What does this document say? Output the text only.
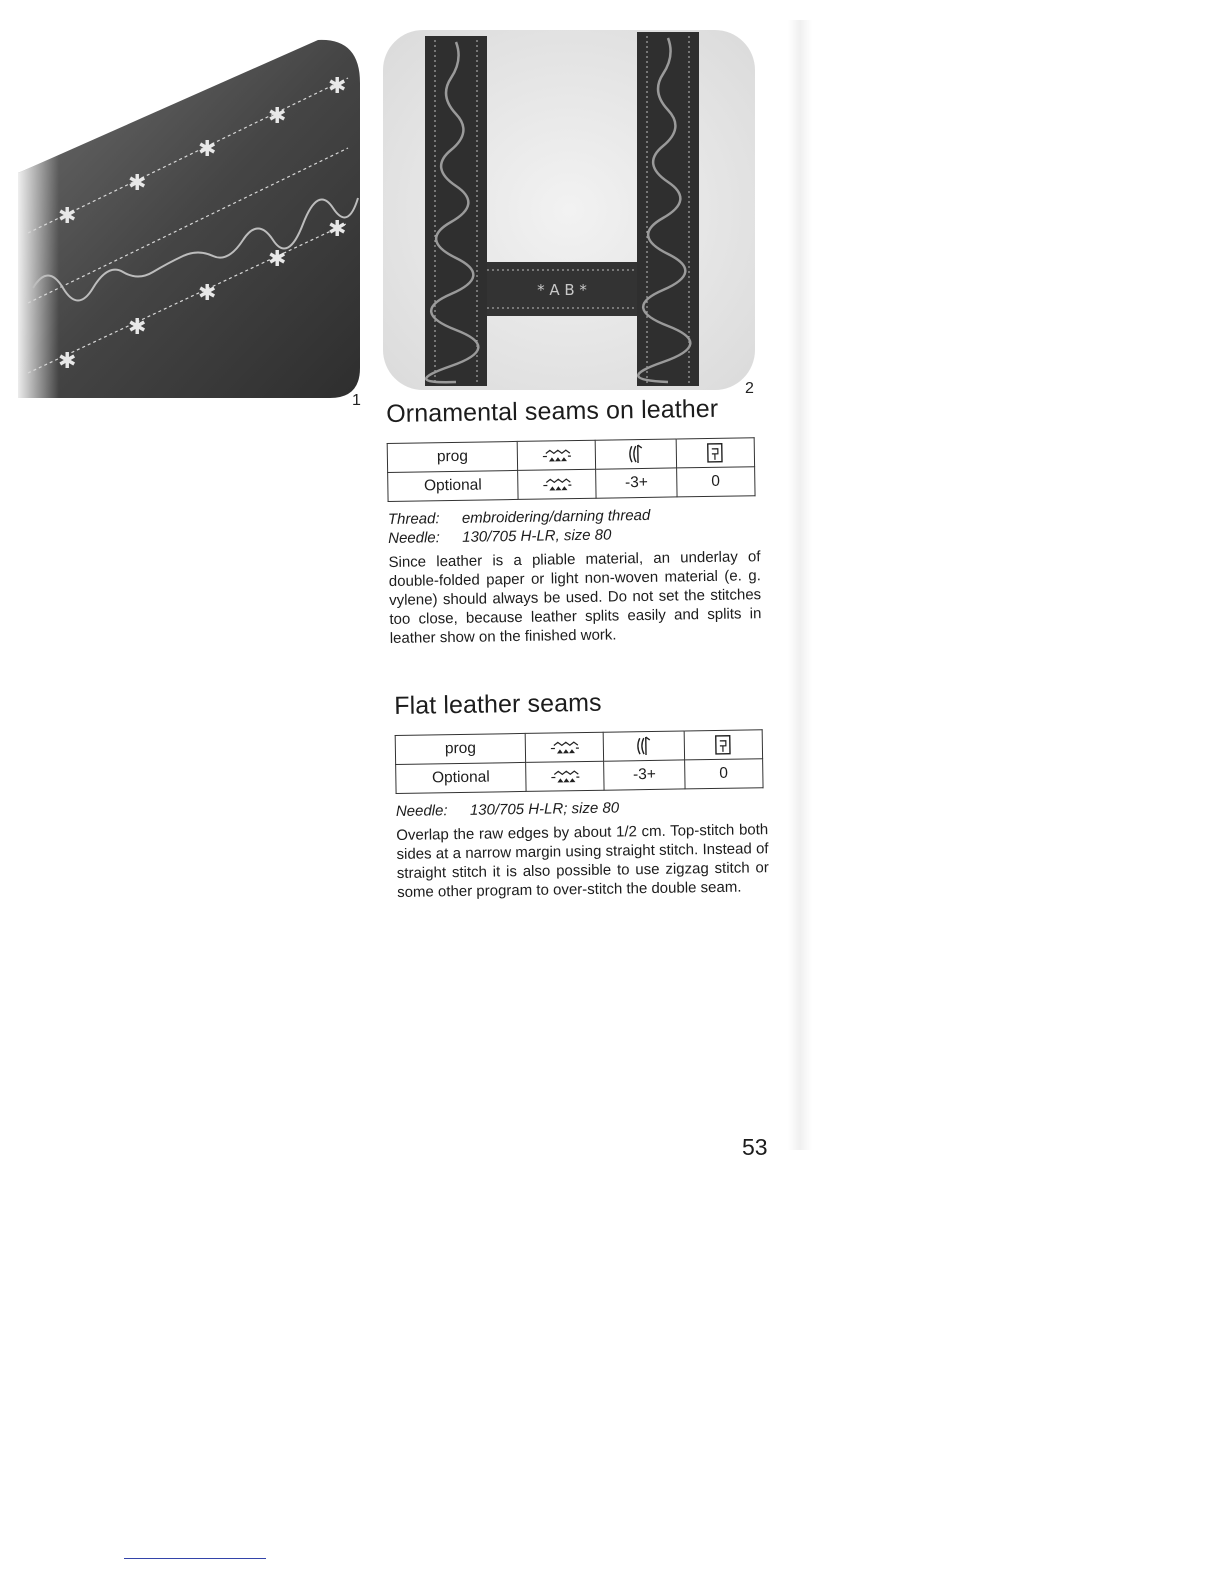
✱
✱
✱
✱
✱
✱
✱
✱
✱
✱
1
* A B *
2
Ornamental seams on leather
prog			
Optional		-3+	0
Thread: embroidering/darning thread
Needle: 130/705 H-LR, size 80

Since leather is a pliable material, an underlay of double-folded paper or light non-woven material (e. g. vylene) should always be used. Do not set the stitches too close, because leather splits easily and splits in leather show on the finished work.

Flat leather seams
prog			
Optional		-3+	0
Needle: 130/705 H-LR; size 80

Overlap the raw edges by about 1/2 cm. Top-stitch both sides at a narrow margin using straight stitch. Instead of straight stitch it is also possible to use zigzag stitch or some other program to over-stitch the double seam.

53
